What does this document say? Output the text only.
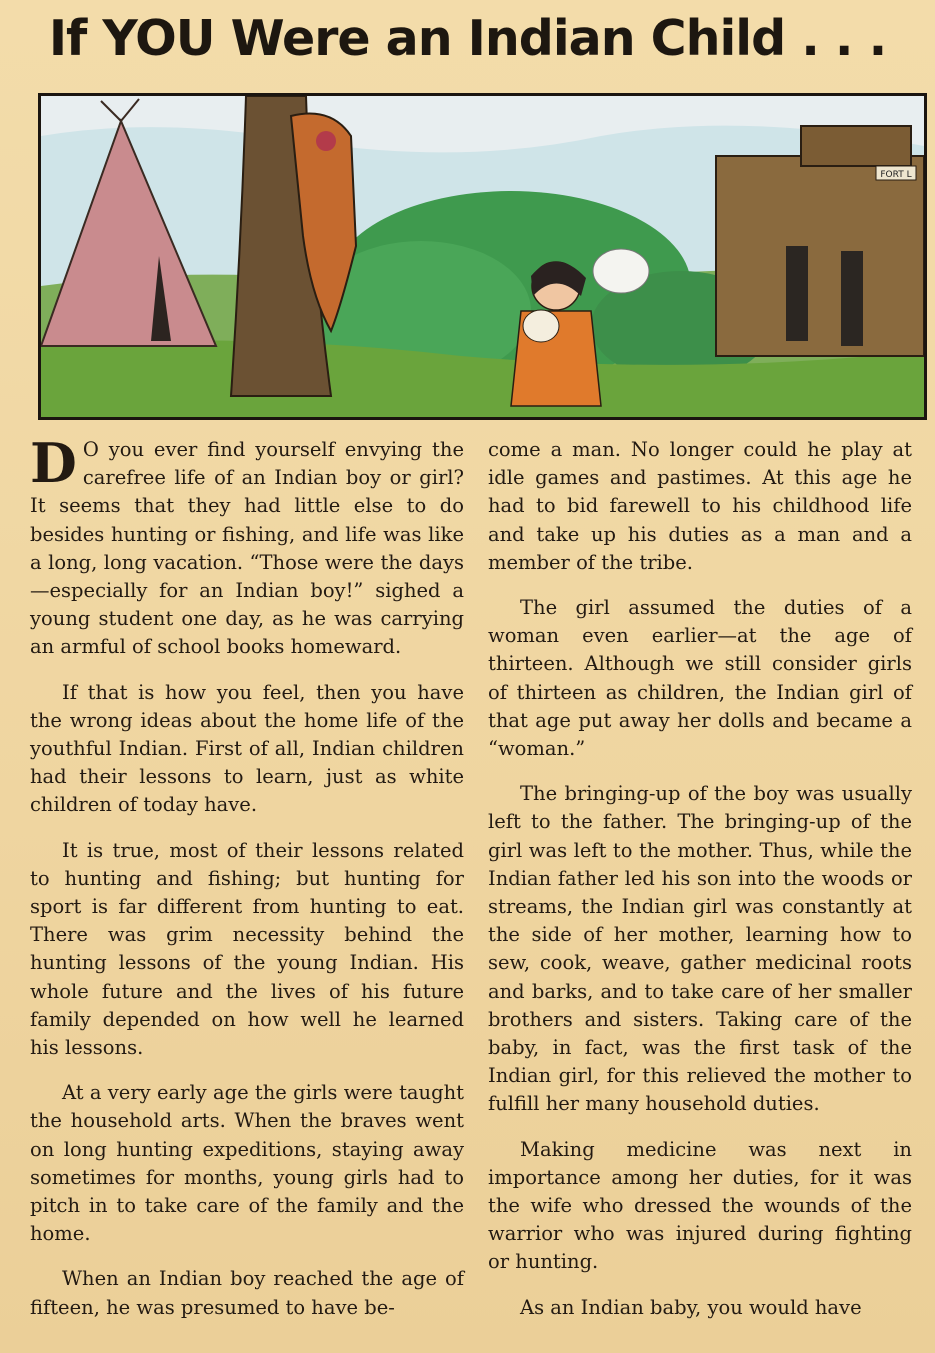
If YOU Were an Indian Child . . .
FORT L

D O you ever find yourself envying the carefree life of an Indian boy or girl? It seems that they had little else to do besides hunting or fishing, and life was like a long, long vacation. “Those were the days—especially for an Indian boy!” sighed a young student one day, as he was carrying an armful of school books homeward.

If that is how you feel, then you have the wrong ideas about the home life of the youthful Indian. First of all, Indian children had their lessons to learn, just as white children of today have.

It is true, most of their lessons related to hunting and fishing; but hunting for sport is far different from hunting to eat. There was grim necessity behind the hunting lessons of the young Indian. His whole future and the lives of his future family depended on how well he learned his lessons.

At a very early age the girls were taught the household arts. When the braves went on long hunting expeditions, staying away sometimes for months, young girls had to pitch in to take care of the family and the home.

When an Indian boy reached the age of fifteen, he was presumed to have be-

come a man. No longer could he play at idle games and pastimes. At this age he had to bid farewell to his childhood life and take up his duties as a man and a member of the tribe.

The girl assumed the duties of a woman even earlier—at the age of thirteen. Although we still consider girls of thirteen as children, the Indian girl of that age put away her dolls and became a “woman.”

The bringing-up of the boy was usually left to the father. The bringing-up of the girl was left to the mother. Thus, while the Indian father led his son into the woods or streams, the Indian girl was constantly at the side of her mother, learning how to sew, cook, weave, gather medicinal roots and barks, and to take care of her smaller brothers and sisters. Taking care of the baby, in fact, was the first task of the Indian girl, for this relieved the mother to fulfill her many household duties.

Making medicine was next in importance among her duties, for it was the wife who dressed the wounds of the warrior who was injured during fighting or hunting.

As an Indian baby, you would have
